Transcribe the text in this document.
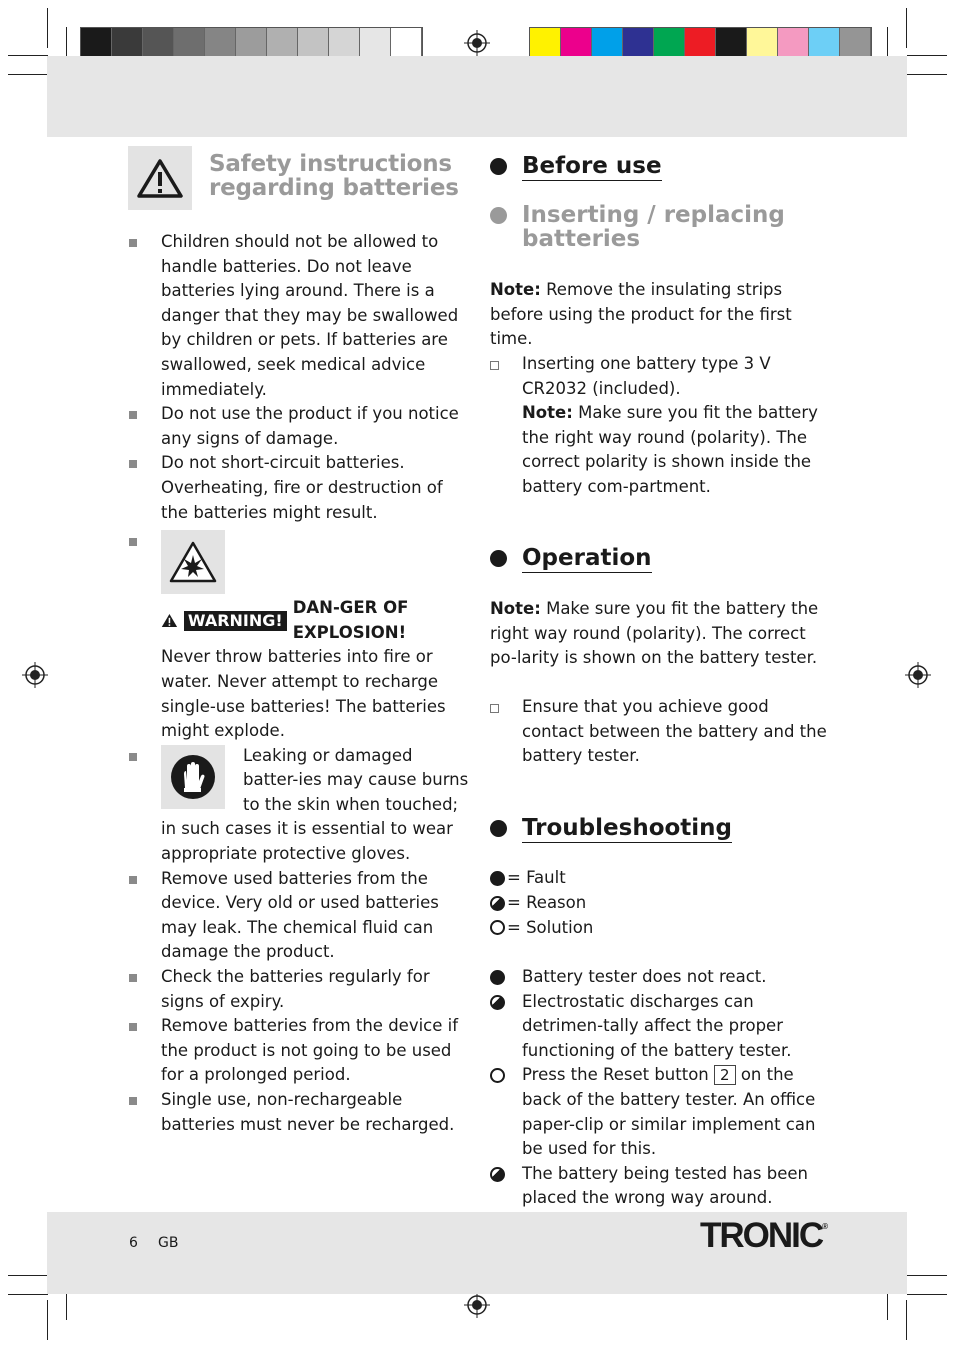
Safety instructions
regarding batteries
Children should not be allowed to handle batteries. Do not leave batteries lying around. There is a danger that they may be swallowed by children or pets. If batteries are swallowed, seek medical advice immediately.
Do not use the product if you notice any signs of damage.
Do not short-circuit batteries. Overheating, fire or destruction of the batteries might result.
WARNING!
DAN-GER OF EXPLOSION!

Never throw batteries into fire or water. Never attempt to recharge single-use batteries! The batteries might explode.
Leaking or damaged batter-ies may cause burns to the skin when touched; in such cases it is essential to wear appropriate protective gloves.
Remove used batteries from the device. Very old or used batteries may leak. The chemical fluid can damage the product.
Check the batteries regularly for signs of expiry.
Remove batteries from the device if the product is not going to be used for a prolonged period.
Single use, non-rechargeable batteries must never be recharged.
Before use
Inserting / replacing
batteries
Note: Remove the insulating strips before using the product for the first time.
Inserting one battery type 3 V CR2032 (included).
Note: Make sure you fit the battery the right way round (polarity). The correct polarity is shown inside the battery com-partment.
Operation
Note: Make sure you fit the battery the right way round (polarity). The correct po-larity is shown on the battery tester.
Ensure that you achieve good contact between the battery and the battery tester.
Troubleshooting
= Fault
= Reason
= Solution
Battery tester does not react.
Electrostatic discharges can detrimen-tally affect the proper functioning of the battery tester.
Press the Reset button 2 on the back of the battery tester. An office paper-clip or similar implement can be used for this.
The battery being tested has been placed the wrong way around.
6 GB	TRONIC®
